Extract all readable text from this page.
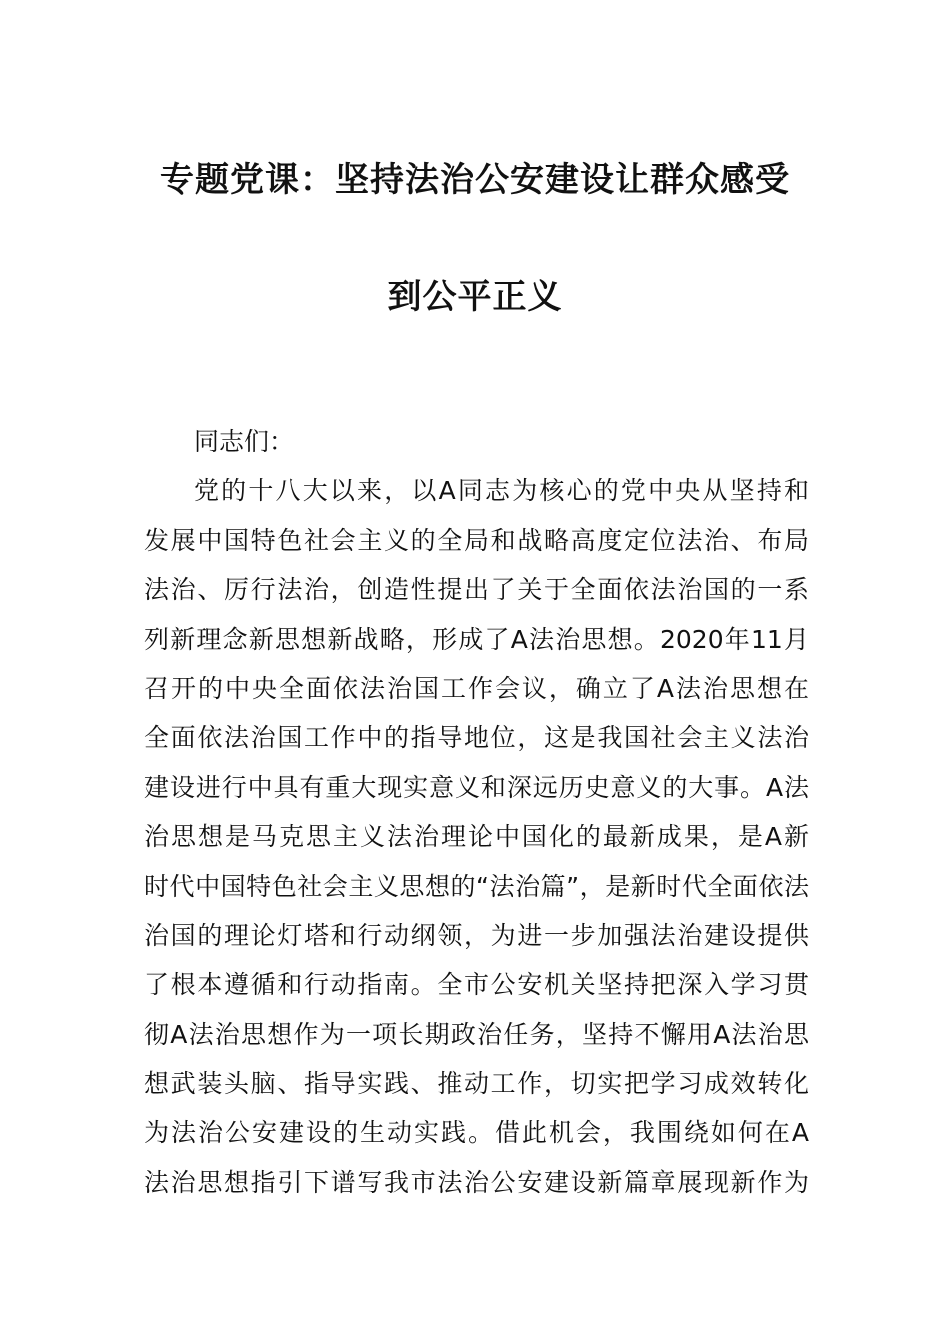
专题党课：坚持法治公安建设让群众感受
到公平正义
同志们：
党的十八大以来，以A同志为核心的党中央从坚持和
发展中国特色社会主义的全局和战略高度定位法治、布局
法治、厉行法治，创造性提出了关于全面依法治国的一系
列新理念新思想新战略，形成了A法治思想。2020年11月
召开的中央全面依法治国工作会议，确立了A法治思想在
全面依法治国工作中的指导地位，这是我国社会主义法治
建设进行中具有重大现实意义和深远历史意义的大事。A法
治思想是马克思主义法治理论中国化的最新成果，是A新
时代中国特色社会主义思想的“法治篇”，是新时代全面依法
治国的理论灯塔和行动纲领，为进一步加强法治建设提供
了根本遵循和行动指南。全市公安机关坚持把深入学习贯
彻A法治思想作为一项长期政治任务，坚持不懈用A法治思
想武装头脑、指导实践、推动工作，切实把学习成效转化
为法治公安建设的生动实践。借此机会，我围绕如何在A
法治思想指引下谱写我市法治公安建设新篇章展现新作为
